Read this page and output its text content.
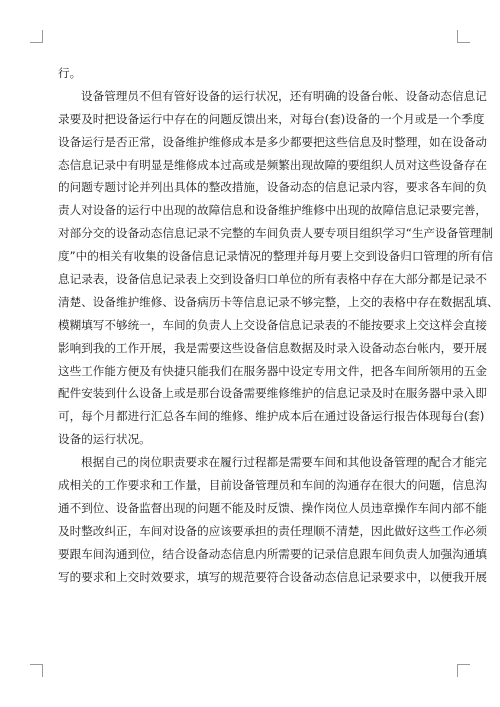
行。
设备管理员不但有管好设备的运行状况，还有明确的设备台帐、设备动态信息记
录要及时把设备运行中存在的问题反馈出来，对每台(套)设备的一个月或是一个季度
设备运行是否正常，设备维护维修成本是多少都要把这些信息及时整理，如在设备动
态信息记录中有明显是维修成本过高或是频繁出现故障的要组织人员对这些设备存在
的问题专题讨论并列出具体的整改措施，设备动态的信息记录内容，要求各车间的负
责人对设备的运行中出现的故障信息和设备维护维修中出现的故障信息记录要完善，
对部分交的设备动态信息记录不完整的车间负责人要专项目组织学习“生产设备管理制
度”中的相关有收集的设备信息记录情况的整理并每月要上交到设备归口管理的所有信
息记录表，设备信息记录表上交到设备归口单位的所有表格中存在大部分都是记录不
清楚、设备维护维修、设备病历卡等信息记录不够完整，上交的表格中存在数据乱填、
模糊填写不够统一，车间的负责人上交设备信息记录表的不能按要求上交这样会直接
影响到我的工作开展，我是需要这些设备信息数据及时录入设备动态台帐内，要开展
这些工作能方便及有快捷只能我们在服务器中设定专用文件，把各车间所领用的五金
配件安装到什么设备上或是那台设备需要维修维护的信息记录及时在服务器中录入即
可，每个月都进行汇总各车间的维修、维护成本后在通过设备运行报告体现每台(套)
设备的运行状况。
根据自己的岗位职责要求在履行过程都是需要车间和其他设备管理的配合才能完
成相关的工作要求和工作量，目前设备管理员和车间的沟通存在很大的问题，信息沟
通不到位、设备监督出现的问题不能及时反馈、操作岗位人员违章操作车间内部不能
及时整改纠正，车间对设备的应该要承担的责任理顺不清楚，因此做好这些工作必须
要跟车间沟通到位，结合设备动态信息内所需要的记录信息跟车间负责人加强沟通填
写的要求和上交时效要求，填写的规范要符合设备动态信息记录要求中，以便我开展
